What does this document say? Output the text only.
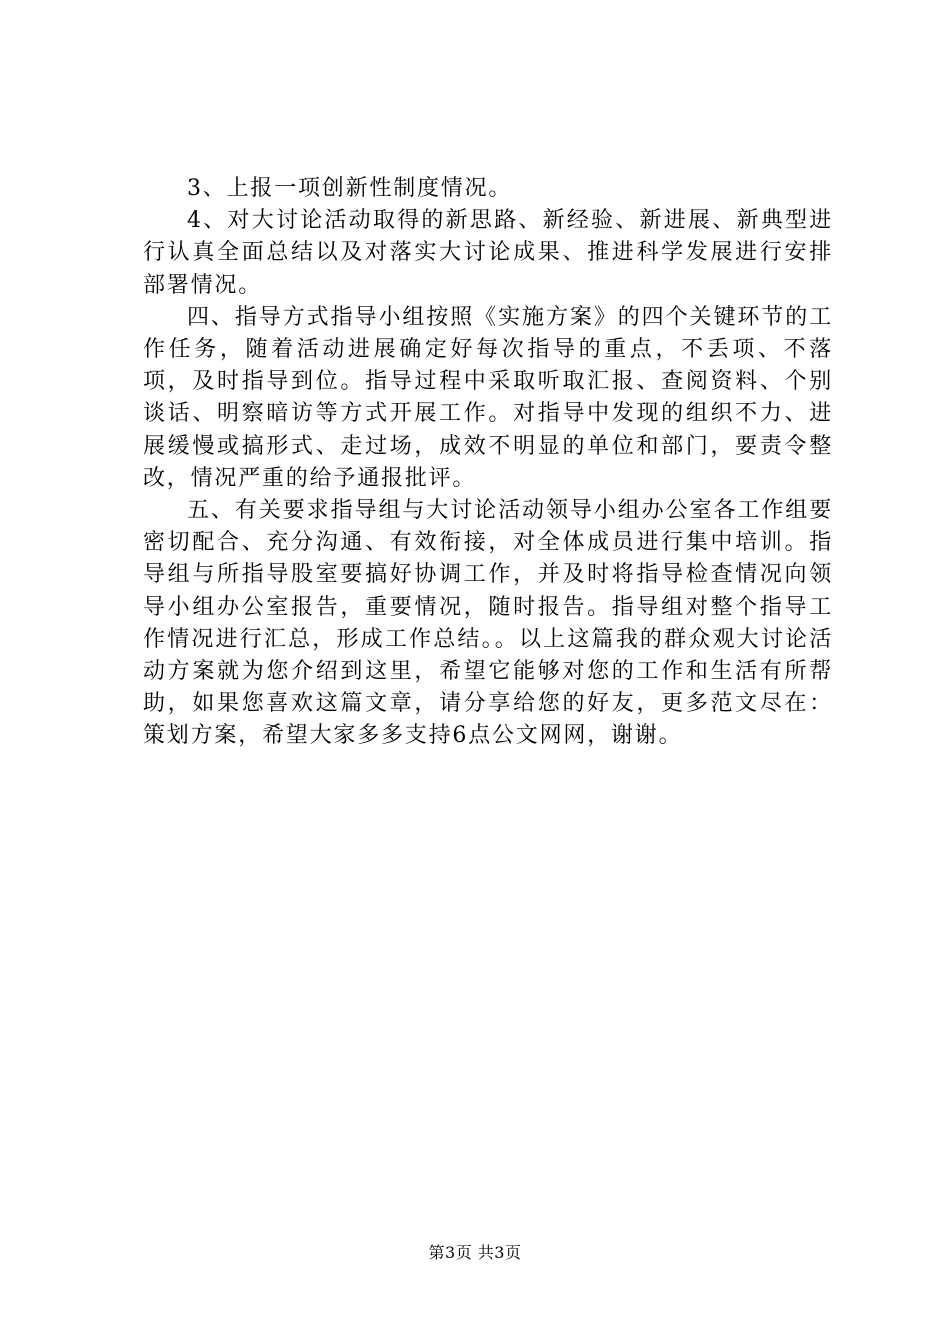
3、上报一项创新性制度情况。

4、对大讨论活动取得的新思路、新经验、新进展、新典型进行认真全面总结以及对落实大讨论成果、推进科学发展进行安排部署情况。

四、指导方式指导小组按照《实施方案》的四个关键环节的工作任务，随着活动进展确定好每次指导的重点，不丢项、不落项，及时指导到位。指导过程中采取听取汇报、查阅资料、个别谈话、明察暗访等方式开展工作。对指导中发现的组织不力、进展缓慢或搞形式、走过场，成效不明显的单位和部门，要责令整改，情况严重的给予通报批评。

五、有关要求指导组与大讨论活动领导小组办公室各工作组要密切配合、充分沟通、有效衔接，对全体成员进行集中培训。指导组与所指导股室要搞好协调工作，并及时将指导检查情况向领导小组办公室报告，重要情况，随时报告。指导组对整个指导工作情况进行汇总，形成工作总结。。以上这篇我的群众观大讨论活动方案就为您介绍到这里，希望它能够对您的工作和生活有所帮助，如果您喜欢这篇文章，请分享给您的好友，更多范文尽在：策划方案，希望大家多多支持6点公文网网，谢谢。

第3页 共3页
